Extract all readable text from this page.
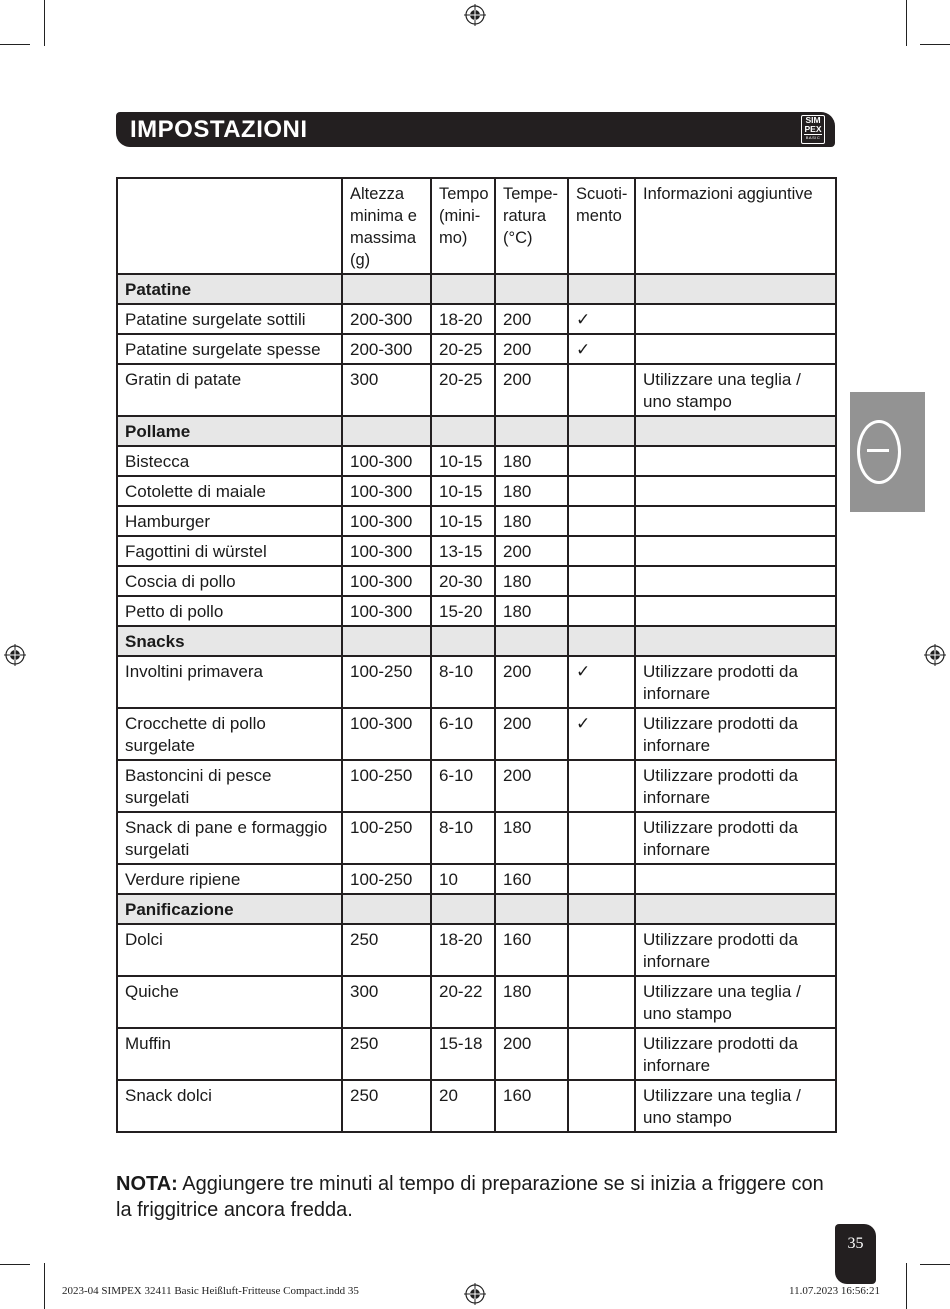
IMPOSTAZIONI	SIM
PEX
BASIC
	Altezza minima e massima (g)	Tempo (mini-mo)	Tempe-ratura (°C)	Scuoti-mento	Informazioni aggiuntive
Patatine					
Patatine surgelate sottili	200-300	18-20	200	✓	
Patatine surgelate spesse	200-300	20-25	200	✓	
Gratin di patate	300	20-25	200		Utilizzare una teglia / uno stampo
Pollame					
Bistecca	100-300	10-15	180		
Cotolette di maiale	100-300	10-15	180		
Hamburger	100-300	10-15	180		
Fagottini di würstel	100-300	13-15	200		
Coscia di pollo	100-300	20-30	180		
Petto di pollo	100-300	15-20	180		
Snacks					
Involtini primavera	100-250	8-10	200	✓	Utilizzare prodotti da infornare
Crocchette di pollo surgelate	100-300	6-10	200	✓	Utilizzare prodotti da infornare
Bastoncini di pesce surgelati	100-250	6-10	200		Utilizzare prodotti da infornare
Snack di pane e formaggio surgelati	100-250	8-10	180		Utilizzare prodotti da infornare
Verdure ripiene	100-250	10	160		
Panificazione					
Dolci	250	18-20	160		Utilizzare prodotti da infornare
Quiche	300	20-22	180		Utilizzare una teglia / uno stampo
Muffin	250	15-18	200		Utilizzare prodotti da infornare
Snack dolci	250	20	160		Utilizzare una teglia / uno stampo
NOTA: Aggiungere tre minuti al tempo di preparazione se si inizia a friggere con la friggitrice ancora fredda.
35
2023-04 SIMPEX 32411 Basic Heißluft-Fritteuse Compact.indd 35	11.07.2023 16:56:21
